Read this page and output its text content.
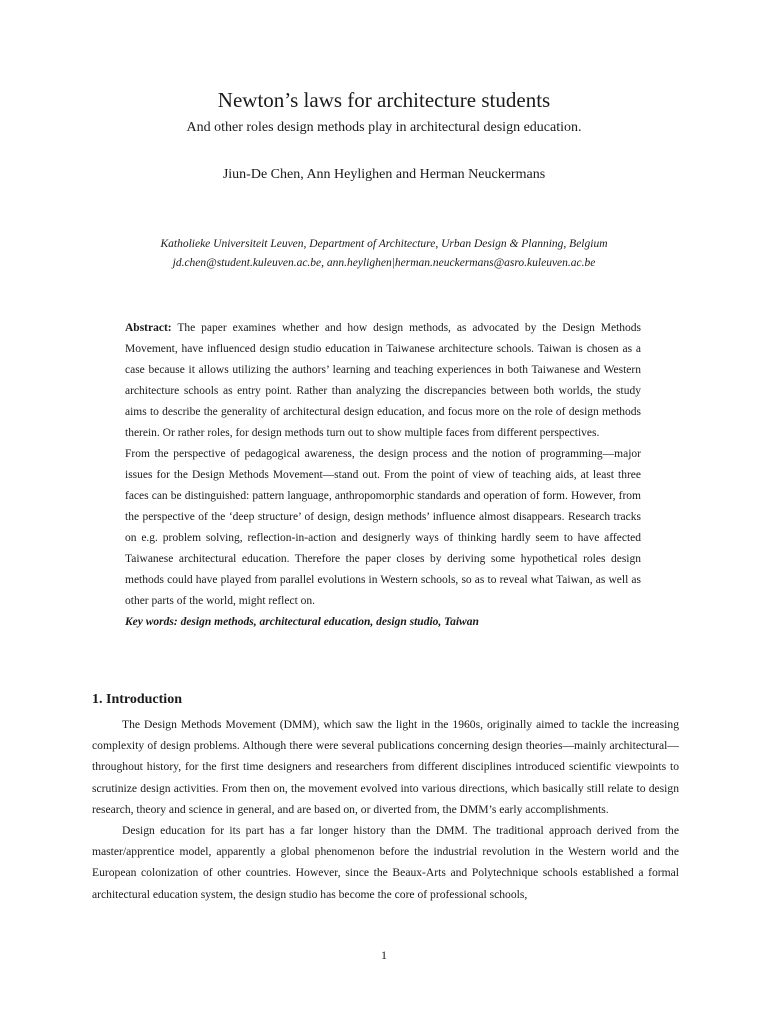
Newton’s laws for architecture students
And other roles design methods play in architectural design education.
Jiun-De Chen, Ann Heylighen and Herman Neuckermans
Katholieke Universiteit Leuven, Department of Architecture, Urban Design & Planning, Belgium
jd.chen@student.kuleuven.ac.be, ann.heylighen|herman.neuckermans@asro.kuleuven.ac.be

Abstract: The paper examines whether and how design methods, as advocated by the Design Methods Movement, have influenced design studio education in Taiwanese architecture schools. Taiwan is chosen as a case because it allows utilizing the authors’ learning and teaching experiences in both Taiwanese and Western architecture schools as entry point. Rather than analyzing the discrepancies between both worlds, the study aims to describe the generality of architectural design education, and focus more on the role of design methods therein. Or rather roles, for design methods turn out to show multiple faces from different perspectives.

From the perspective of pedagogical awareness, the design process and the notion of programming—major issues for the Design Methods Movement—stand out. From the point of view of teaching aids, at least three faces can be distinguished: pattern language, anthropomorphic standards and operation of form. However, from the perspective of the ‘deep structure’ of design, design methods’ influence almost disappears. Research tracks on e.g. problem solving, reflection-in-action and designerly ways of thinking hardly seem to have affected Taiwanese architectural education. Therefore the paper closes by deriving some hypothetical roles design methods could have played from parallel evolutions in Western schools, so as to reveal what Taiwan, as well as other parts of the world, might reflect on.

Key words: design methods, architectural education, design studio, Taiwan

1. Introduction

The Design Methods Movement (DMM), which saw the light in the 1960s, originally aimed to tackle the increasing complexity of design problems. Although there were several publications concerning design theories—mainly architectural—throughout history, for the first time designers and researchers from different disciplines introduced scientific viewpoints to scrutinize design activities. From then on, the movement evolved into various directions, which basically still relate to design research, theory and science in general, and are based on, or diverted from, the DMM’s early accomplishments.

Design education for its part has a far longer history than the DMM. The traditional approach derived from the master/apprentice model, apparently a global phenomenon before the industrial revolution in the Western world and the European colonization of other countries. However, since the Beaux-Arts and Polytechnique schools established a formal architectural education system, the design studio has become the core of professional schools,

1
